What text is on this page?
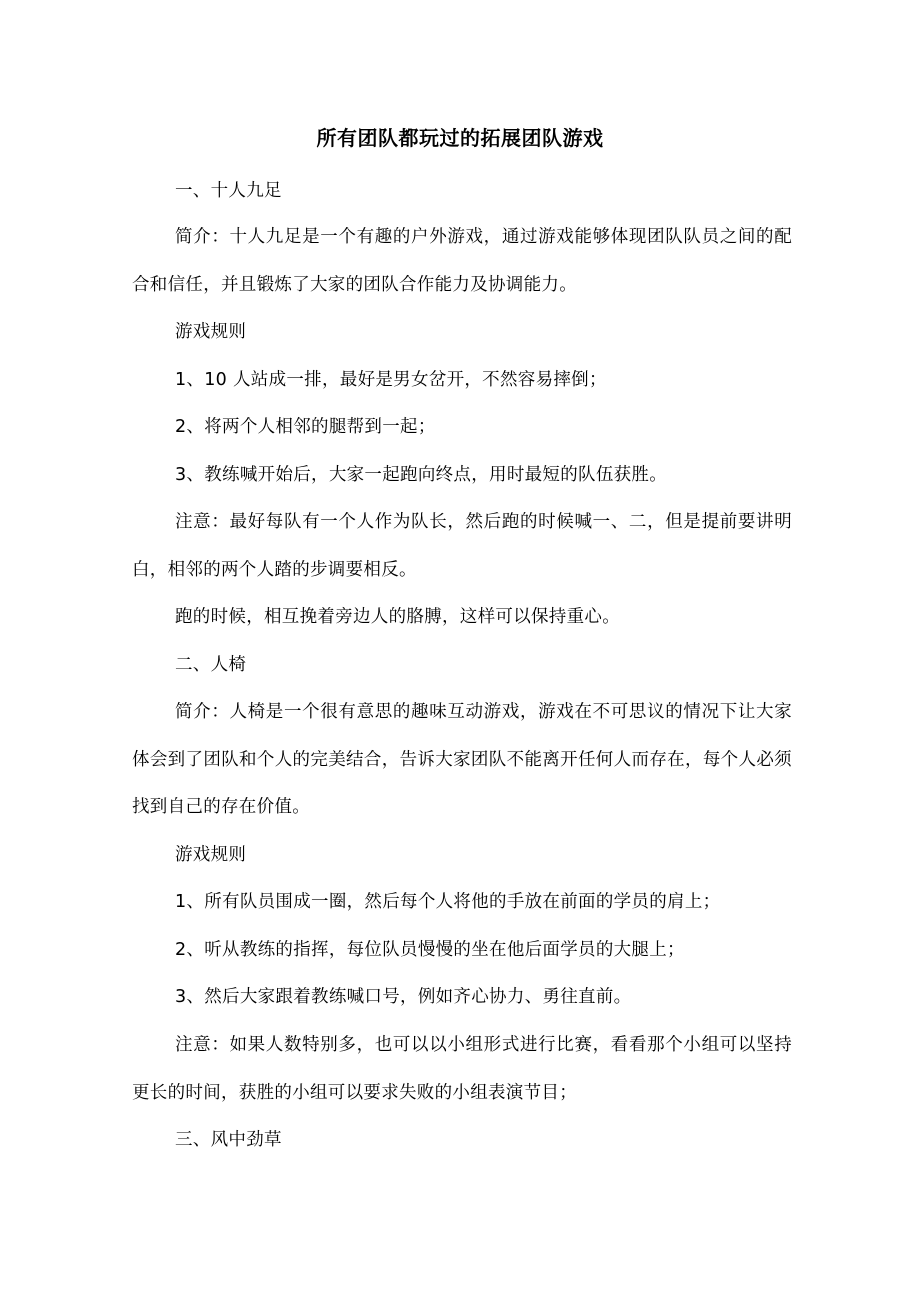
所有团队都玩过的拓展团队游戏

一、十人九足

简介：十人九足是一个有趣的户外游戏，通过游戏能够体现团队队员之间的配合和信任，并且锻炼了大家的团队合作能力及协调能力。

游戏规则

1、10 人站成一排，最好是男女岔开，不然容易摔倒；

2、将两个人相邻的腿帮到一起；

3、教练喊开始后，大家一起跑向终点，用时最短的队伍获胜。

注意：最好每队有一个人作为队长，然后跑的时候喊一、二，但是提前要讲明白，相邻的两个人踏的步调要相反。

跑的时候，相互挽着旁边人的胳膊，这样可以保持重心。

二、人椅

简介：人椅是一个很有意思的趣味互动游戏，游戏在不可思议的情况下让大家体会到了团队和个人的完美结合，告诉大家团队不能离开任何人而存在，每个人必须找到自己的存在价值。

游戏规则

1、所有队员围成一圈，然后每个人将他的手放在前面的学员的肩上；

2、听从教练的指挥，每位队员慢慢的坐在他后面学员的大腿上；

3、然后大家跟着教练喊口号，例如齐心协力、勇往直前。

注意：如果人数特别多，也可以以小组形式进行比赛，看看那个小组可以坚持更长的时间，获胜的小组可以要求失败的小组表演节目；

三、风中劲草
